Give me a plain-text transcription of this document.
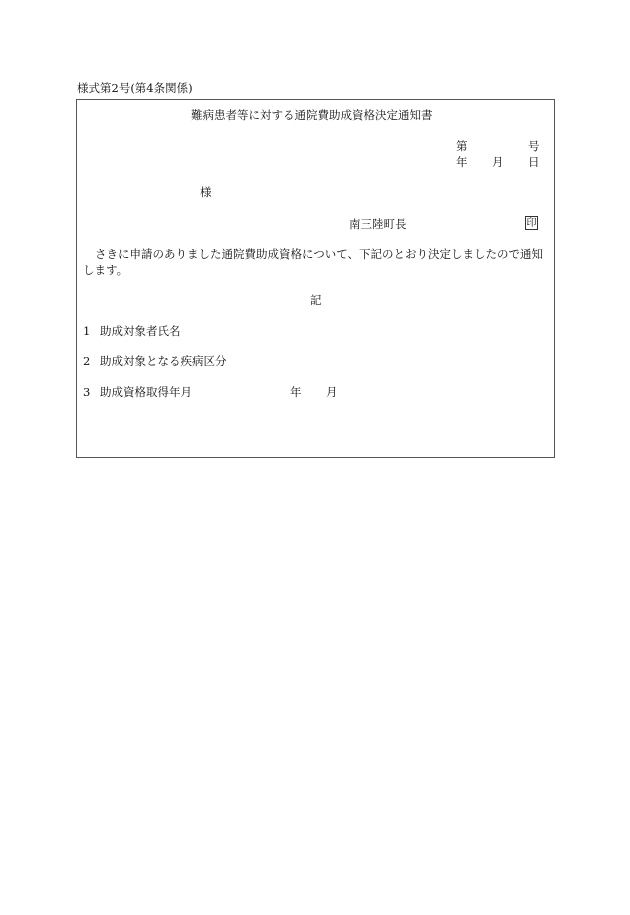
様式第2号(第4条関係)
難病患者等に対する通院費助成資格決定通知書
第	号
年 月 日
様
南三陸町長	印
さきに申請のありました通院費助成資格について、下記のとおり決定しましたので通知
します。
記
1 助成対象者氏名
2 助成対象となる疾病区分
3 助成資格取得年月	年 月
